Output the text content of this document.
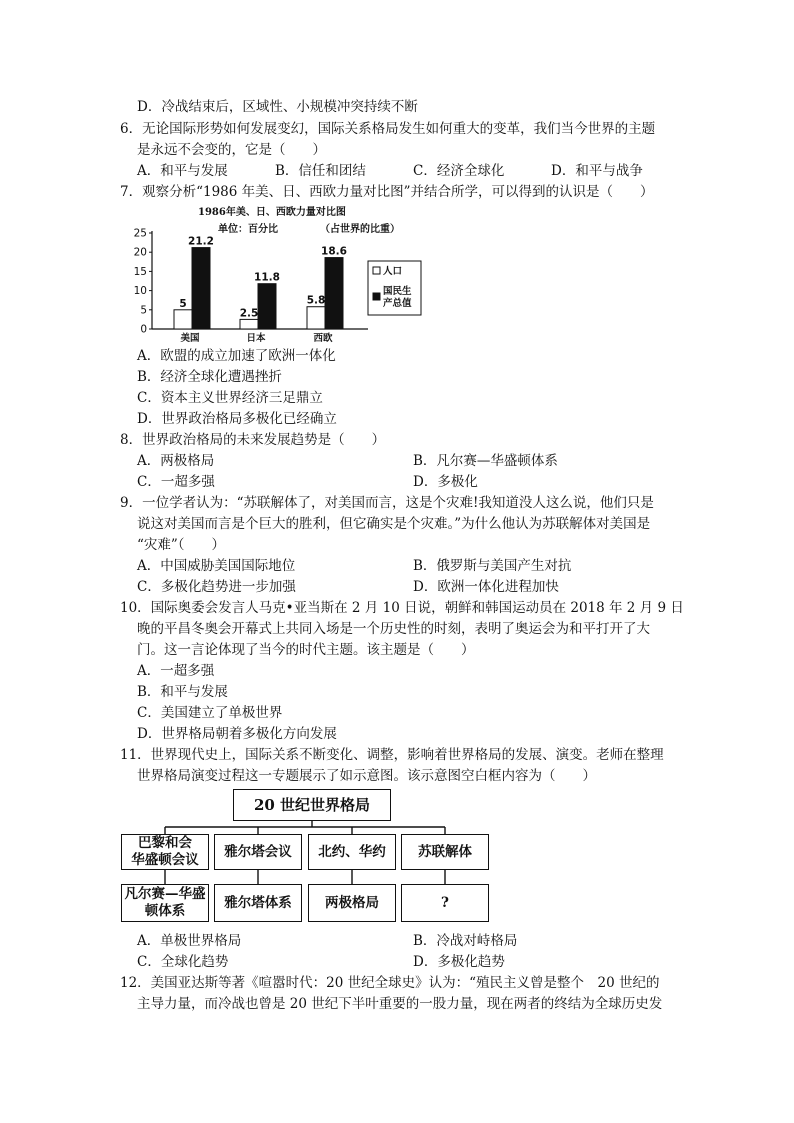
D．冷战结束后，区域性、小规模冲突持续不断
6．无论国际形势如何发展变幻，国际关系格局发生如何重大的变革，我们当今世界的主题
是永远不会变的，它是（　　）
A．和平与发展	B．信任和团结	C．经济全球化	D．和平与战争
7．观察分析“1986 年美、日、西欧力量对比图”并结合所学，可以得到的认识是（　　）
1986年美、日、西欧力量对比图
单位：百分比	（占世界的比重）
0
5
10
15
20
25
5
21.2
2.5
11.8
5.8
18.6
美国	日本	西欧
人口
国民生
产总值
A．欧盟的成立加速了欧洲一体化
B．经济全球化遭遇挫折
C．资本主义世界经济三足鼎立
D．世界政治格局多极化已经确立
8．世界政治格局的未来发展趋势是（　　）
A．两极格局	B．凡尔赛—华盛顿体系
C．一超多强	D．多极化
9．一位学者认为：“苏联解体了，对美国而言，这是个灾难!我知道没人这么说，他们只是
说这对美国而言是个巨大的胜利，但它确实是个灾难。”为什么他认为苏联解体对美国是
“灾难”（　　）
A．中国威胁美国国际地位	B．俄罗斯与美国产生对抗
C．多极化趋势进一步加强	D．欧洲一体化进程加快
10．国际奥委会发言人马克•亚当斯在 2 月 10 日说，朝鲜和韩国运动员在 2018 年 2 月 9 日
晚的平昌冬奥会开幕式上共同入场是一个历史性的时刻，表明了奥运会为和平打开了大
门。这一言论体现了当今的时代主题。该主题是（　　）
A．一超多强
B．和平与发展
C．美国建立了单极世界
D．世界格局朝着多极化方向发展
11．世界现代史上，国际关系不断变化、调整，影响着世界格局的发展、演变。老师在整理
世界格局演变过程这一专题展示了如示意图。该示意图空白框内容为（　　）
20 世纪世界格局
巴黎和会
华盛顿会议
雅尔塔会议 北约、华约 苏联解体
凡尔赛—华盛
顿体系
雅尔塔体系 两极格局	?
A．单极世界格局	B．冷战对峙格局
C．全球化趋势	D．多极化趋势
12．美国亚达斯等著《喧嚣时代：20 世纪全球史》认为：“殖民主义曾是整个　20 世纪的
主导力量，而冷战也曾是 20 世纪下半叶重要的一股力量，现在两者的终结为全球历史发
